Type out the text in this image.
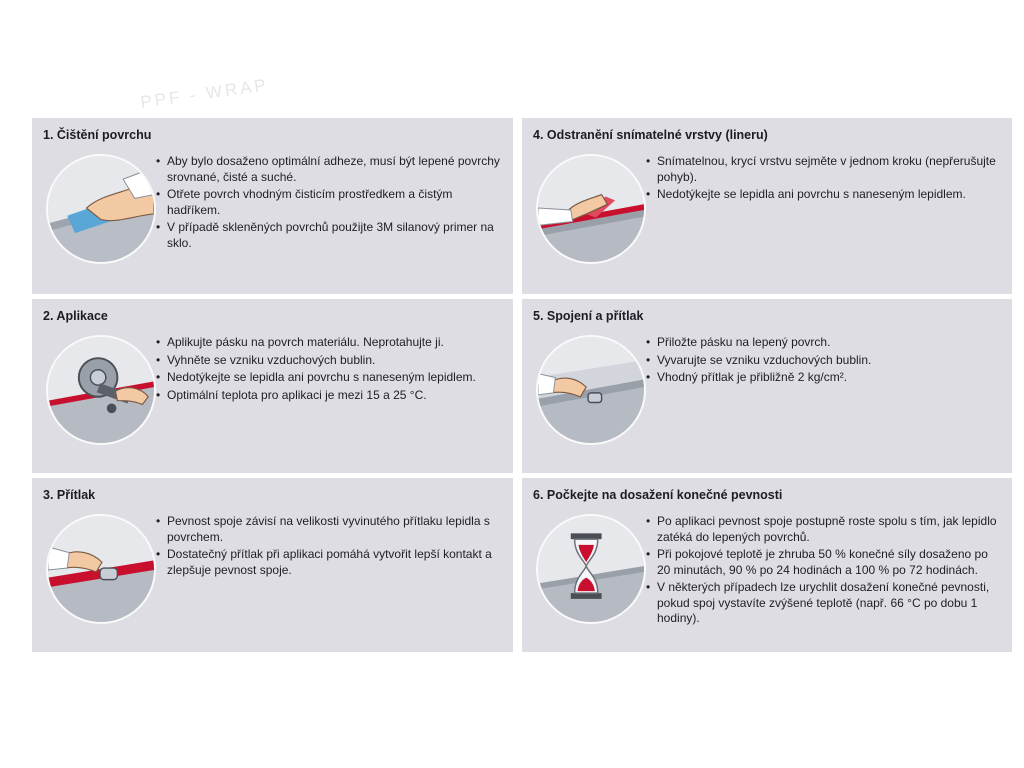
PPF - WRAP
1. Čištění povrchu
• Aby bylo dosaženo optimální adheze, musí být lepené povrchy srovnané, čisté a suché.
• Otřete povrch vhodným čisticím prostředkem a čistým hadříkem.
• V případě skleněných povrchů použijte 3M silanový primer na sklo.
4. Odstranění snímatelné vrstvy (lineru)
• Snímatelnou, krycí vrstvu sejměte v jednom kroku (nepřerušujte pohyb).
• Nedotýkejte se lepidla ani povrchu s naneseným lepidlem.
2. Aplikace
• Aplikujte pásku na povrch materiálu. Neprotahujte ji.
• Vyhněte se vzniku vzduchových bublin.
• Nedotýkejte se lepidla ani povrchu s naneseným lepidlem.
• Optimální teplota pro aplikaci je mezi 15 a 25 °C.
5. Spojení a přítlak
• Přiložte pásku na lepený povrch.
• Vyvarujte se vzniku vzduchových bublin.
• Vhodný přítlak je přibližně 2 kg/cm².
3. Přítlak
• Pevnost spoje závisí na velikosti vyvinutého přítlaku lepidla s povrchem.
• Dostatečný přítlak při aplikaci pomáhá vytvořit lepší kontakt a zlepšuje pevnost spoje.
6. Počkejte na dosažení konečné pevnosti
• Po aplikaci pevnost spoje postupně roste spolu s tím, jak lepidlo zatéká do lepených povrchů.
• Při pokojové teplotě je zhruba 50 % konečné síly dosaženo po 20 minutách, 90 % po 24 hodinách a 100 % po 72 hodinách.
• V některých případech lze urychlit dosažení konečné pevnosti, pokud spoj vystavíte zvýšené teplotě (např. 66 °C po dobu 1 hodiny).
